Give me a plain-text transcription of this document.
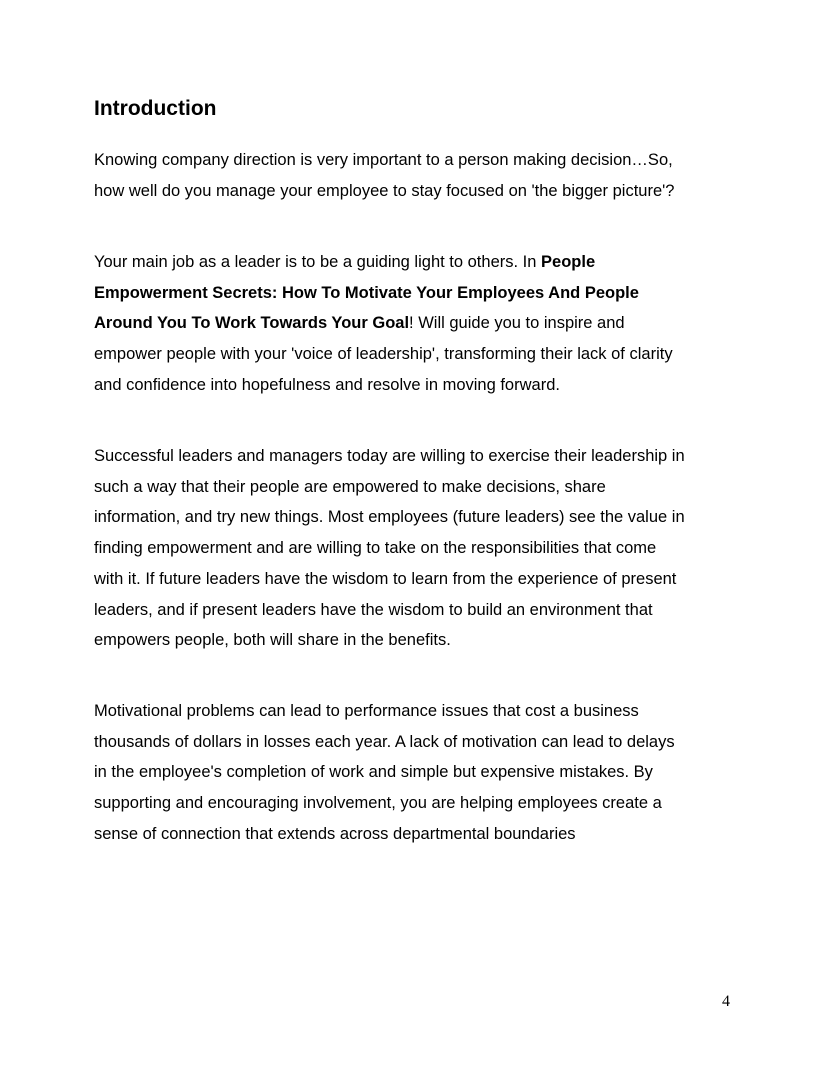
Introduction

Knowing company direction is very important to a person making decision…So,
how well do you manage your employee to stay focused on 'the bigger picture'?

Your main job as a leader is to be a guiding light to others. In People
Empowerment Secrets: How To Motivate Your Employees And People
Around You To Work Towards Your Goal! Will guide you to inspire and
empower people with your 'voice of leadership', transforming their lack of clarity
and confidence into hopefulness and resolve in moving forward.

Successful leaders and managers today are willing to exercise their leadership in
such a way that their people are empowered to make decisions, share
information, and try new things. Most employees (future leaders) see the value in
finding empowerment and are willing to take on the responsibilities that come
with it. If future leaders have the wisdom to learn from the experience of present
leaders, and if present leaders have the wisdom to build an environment that
empowers people, both will share in the benefits.

Motivational problems can lead to performance issues that cost a business
thousands of dollars in losses each year. A lack of motivation can lead to delays
in the employee's completion of work and simple but expensive mistakes. By
supporting and encouraging involvement, you are helping employees create a
sense of connection that extends across departmental boundaries

4
